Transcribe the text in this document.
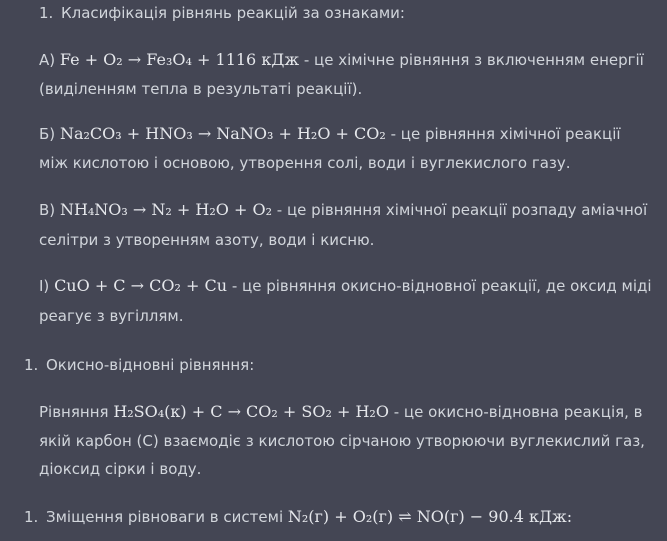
1. Класифікація рівнянь реакцій за ознаками:
А)
Fe + O₂ → Fe₃O₄ + 1116 кДж
- це хімічне рівняння з включенням енергії
(виділенням тепла в результаті реакції).
Б)
Na₂CO₃ + HNO₃ → NaNO₃ + H₂O + CO₂
- це рівняння хімічної реакції
між кислотою і основою, утворення солі, води і вуглекислого газу.
В)
NH₄NO₃ → N₂ + H₂O + O₂
- це рівняння хімічної реакції розпаду аміачної
селітри з утворенням азоту, води і кисню.
І)
CuO + C → CO₂ + Cu
- це рівняння окисно-відновної реакції, де оксид міді
реагує з вугіллям.
1. Окисно-відновні рівняння:
Рівняння
H₂SO₄(к) + C → CO₂ + SO₂ + H₂O
- це окисно-відновна реакція, в
якій карбон (C) взаємодіє з кислотою сірчаною утворюючи вуглекислий газ,
діоксид сірки і воду.
1. Зміщення рівноваги в системі
N₂(г) + O₂(г) ⇌ NO(г) − 90.4 кДж:
